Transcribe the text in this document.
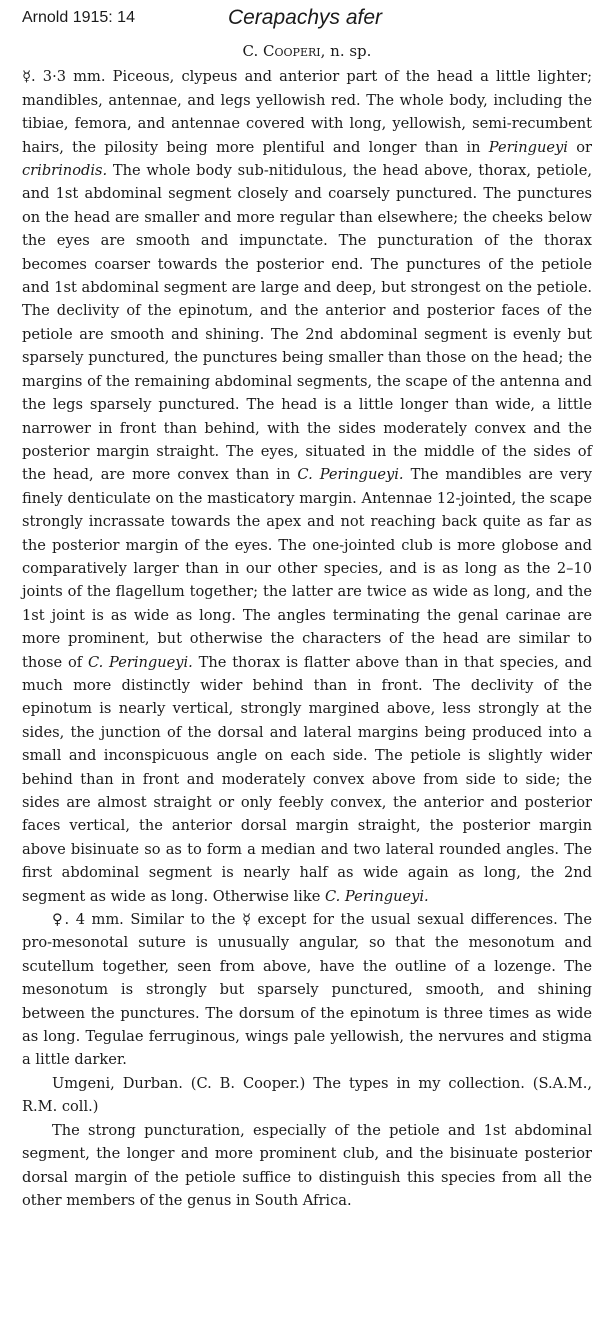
Arnold 1915: 14	Cerapachys afer
C. Cooperi, n. sp.

☿. 3·3 mm. Piceous, clypeus and anterior part of the head a little lighter; mandibles, antennae, and legs yellowish red. The whole body, including the tibiae, femora, and antennae covered with long, yellowish, semi-recumbent hairs, the pilosity being more plentiful and longer than in Peringueyi or cribrinodis. The whole body sub-nitidulous, the head above, thorax, petiole, and 1st abdominal segment closely and coarsely punctured. The punctures on the head are smaller and more regular than elsewhere; the cheeks below the eyes are smooth and impunctate. The puncturation of the thorax becomes coarser towards the posterior end. The punctures of the petiole and 1st abdominal segment are large and deep, but strongest on the petiole. The declivity of the epinotum, and the anterior and posterior faces of the petiole are smooth and shining. The 2nd abdominal segment is evenly but sparsely punctured, the punctures being smaller than those on the head; the margins of the remaining abdominal segments, the scape of the antenna and the legs sparsely punctured. The head is a little longer than wide, a little narrower in front than behind, with the sides moderately convex and the posterior margin straight. The eyes, situated in the middle of the sides of the head, are more convex than in C. Peringueyi. The mandibles are very finely denticulate on the masticatory margin. Antennae 12-jointed, the scape strongly incrassate towards the apex and not reaching back quite as far as the posterior margin of the eyes. The one-jointed club is more globose and comparatively larger than in our other species, and is as long as the 2–10 joints of the flagellum together; the latter are twice as wide as long, and the 1st joint is as wide as long. The angles terminating the genal carinae are more prominent, but otherwise the characters of the head are similar to those of C. Peringueyi. The thorax is flatter above than in that species, and much more distinctly wider behind than in front. The declivity of the epinotum is nearly vertical, strongly margined above, less strongly at the sides, the junction of the dorsal and lateral margins being produced into a small and inconspicuous angle on each side. The petiole is slightly wider behind than in front and moderately convex above from side to side; the sides are almost straight or only feebly convex, the anterior and posterior faces vertical, the anterior dorsal margin straight, the posterior margin above bisinuate so as to form a median and two lateral rounded angles. The first abdominal segment is nearly half as wide again as long, the 2nd segment as wide as long. Otherwise like C. Peringueyi.

♀. 4 mm. Similar to the ☿ except for the usual sexual differences. The pro-mesonotal suture is unusually angular, so that the mesonotum and scutellum together, seen from above, have the outline of a lozenge. The mesonotum is strongly but sparsely punctured, smooth, and shining between the punctures. The dorsum of the epinotum is three times as wide as long. Tegulae ferruginous, wings pale yellowish, the nervures and stigma a little darker.

Umgeni, Durban. (C. B. Cooper.) The types in my collection. (S.A.M., R.M. coll.)

The strong puncturation, especially of the petiole and 1st abdominal segment, the longer and more prominent club, and the bisinuate posterior dorsal margin of the petiole suffice to distinguish this species from all the other members of the genus in South Africa.
